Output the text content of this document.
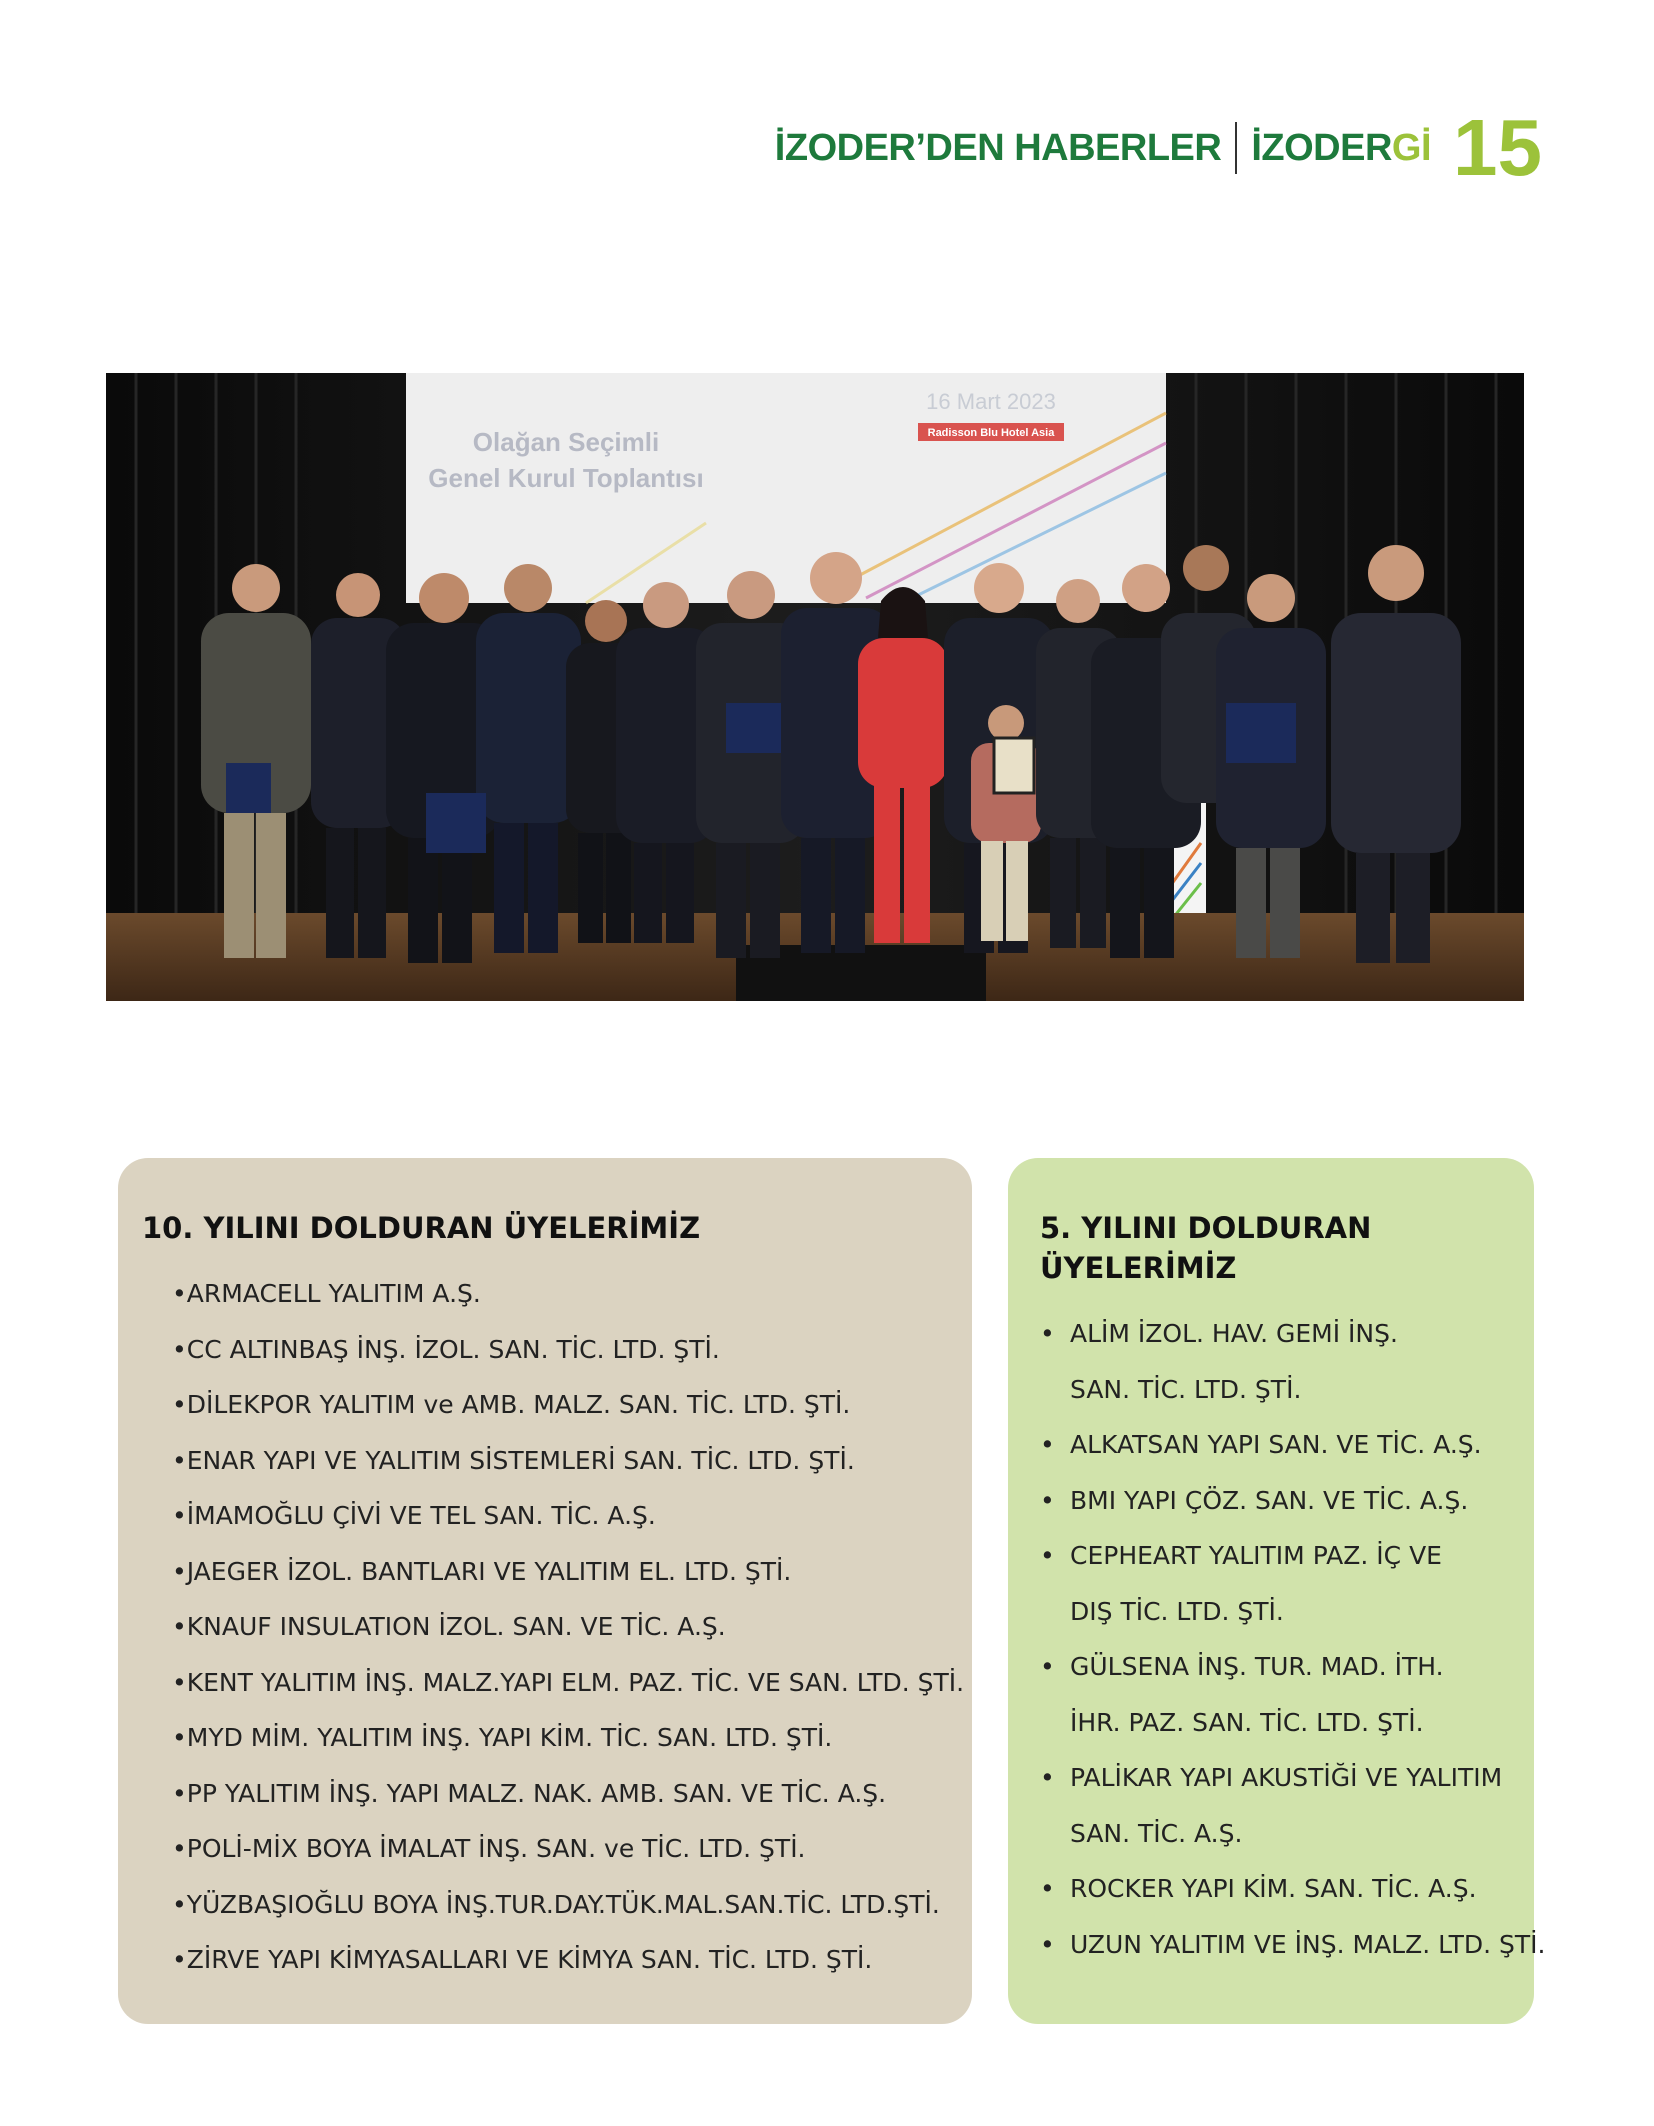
İZODER’DEN HABERLER İZODERGİ 15
Olağan Seçimli
Genel Kurul Toplantısı
16 Mart 2023
Radisson Blu Hotel Asia
10. YILINI DOLDURAN ÜYELERİMİZ
•ARMACELL YALITIM A.Ş.
•CC ALTINBAŞ İNŞ. İZOL. SAN. TİC. LTD. ŞTİ.
•DİLEKPOR YALITIM ve AMB. MALZ. SAN. TİC. LTD. ŞTİ.
•ENAR YAPI VE YALITIM SİSTEMLERİ SAN. TİC. LTD. ŞTİ.
•İMAMOĞLU ÇİVİ VE TEL SAN. TİC. A.Ş.
•JAEGER İZOL. BANTLARI VE YALITIM EL. LTD. ŞTİ.
•KNAUF INSULATION İZOL. SAN. VE TİC. A.Ş.
•KENT YALITIM İNŞ. MALZ.YAPI ELM. PAZ. TİC. VE SAN. LTD. ŞTİ.
•MYD MİM. YALITIM İNŞ. YAPI KİM. TİC. SAN. LTD. ŞTİ.
•PP YALITIM İNŞ. YAPI MALZ. NAK. AMB. SAN. VE TİC. A.Ş.
•POLİ-MİX BOYA İMALAT İNŞ. SAN. ve TİC. LTD. ŞTİ.
•YÜZBAŞIOĞLU BOYA İNŞ.TUR.DAY.TÜK.MAL.SAN.TİC. LTD.ŞTİ.
•ZİRVE YAPI KİMYASALLARI VE KİMYA SAN. TİC. LTD. ŞTİ.
5. YILINI DOLDURAN
ÜYELERİMİZ
• ALİM İZOL. HAV. GEMİ İNŞ.
SAN. TİC. LTD. ŞTİ.
• ALKATSAN YAPI SAN. VE TİC. A.Ş.
• BMI YAPI ÇÖZ. SAN. VE TİC. A.Ş.
• CEPHEART YALITIM PAZ. İÇ VE
DIŞ TİC. LTD. ŞTİ.
• GÜLSENA İNŞ. TUR. MAD. İTH.
İHR. PAZ. SAN. TİC. LTD. ŞTİ.
• PALİKAR YAPI AKUSTİĞİ VE YALITIM
SAN. TİC. A.Ş.
• ROCKER YAPI KİM. SAN. TİC. A.Ş.
• UZUN YALITIM VE İNŞ. MALZ. LTD. ŞTİ.
